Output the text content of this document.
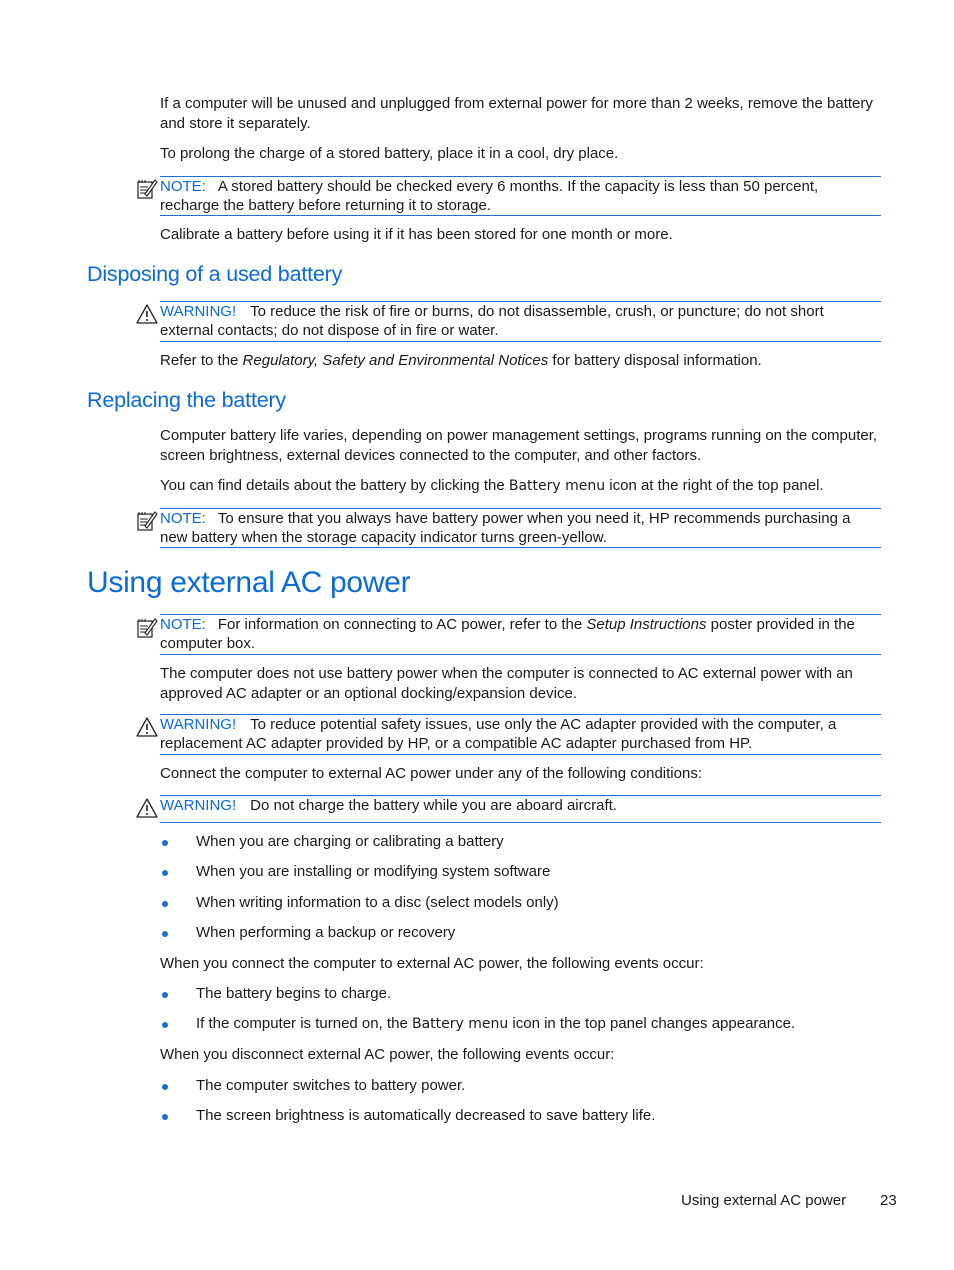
If a computer will be unused and unplugged from external power for more than 2 weeks, remove the battery and store it separately.
To prolong the charge of a stored battery, place it in a cool, dry place.

NOTE: A stored battery should be checked every 6 months. If the capacity is less than 50 percent, recharge the battery before returning it to storage.

Calibrate a battery before using it if it has been stored for one month or more.
Disposing of a used battery

WARNING! To reduce the risk of fire or burns, do not disassemble, crush, or puncture; do not short external contacts; do not dispose of in fire or water.

Refer to the Regulatory, Safety and Environmental Notices for battery disposal information.
Replacing the battery
Computer battery life varies, depending on power management settings, programs running on the computer, screen brightness, external devices connected to the computer, and other factors.
You can find details about the battery by clicking the Battery menu icon at the right of the top panel.

NOTE: To ensure that you always have battery power when you need it, HP recommends purchasing a new battery when the storage capacity indicator turns green-yellow.

Using external AC power

NOTE: For information on connecting to AC power, refer to the Setup Instructions poster provided in the computer box.

The computer does not use battery power when the computer is connected to AC external power with an approved AC adapter or an optional docking/expansion device.

WARNING! To reduce potential safety issues, use only the AC adapter provided with the computer, a replacement AC adapter provided by HP, or a compatible AC adapter purchased from HP.

Connect the computer to external AC power under any of the following conditions:

WARNING! Do not charge the battery while you are aboard aircraft.

When you are charging or calibrating a battery
When you are installing or modifying system software
When writing information to a disc (select models only)
When performing a backup or recovery
When you connect the computer to external AC power, the following events occur:
The battery begins to charge.
If the computer is turned on, the Battery menu icon in the top panel changes appearance.
When you disconnect external AC power, the following events occur:
The computer switches to battery power.
The screen brightness is automatically decreased to save battery life.
Using external AC power 23
